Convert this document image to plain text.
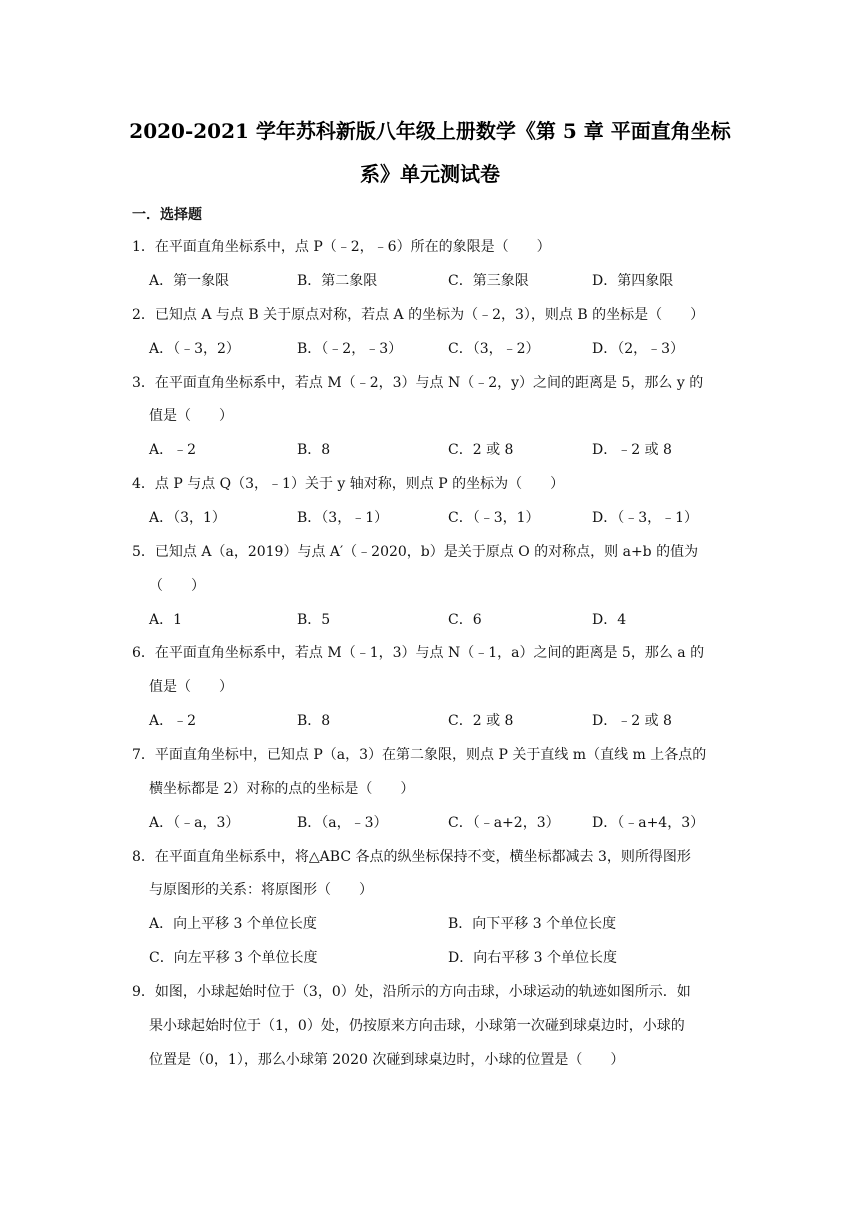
2020-2021 学年苏科新版八年级上册数学《第 5 章 平面直角坐标
系》单元测试卷
一．选择题
1．在平面直角坐标系中，点 P（﹣2，﹣6）所在的象限是（　　）
A．第一象限	B．第二象限	C．第三象限	D．第四象限
2．已知点 A 与点 B 关于原点对称，若点 A 的坐标为（﹣2，3），则点 B 的坐标是（　　）
A．（﹣3，2）	B．（﹣2，﹣3）	C．（3，﹣2）	D．（2，﹣3）
3．在平面直角坐标系中，若点 M（﹣2，3）与点 N（﹣2，y）之间的距离是 5，那么 y 的
值是（　　）
A．﹣2	B．8	C．2 或 8	D．﹣2 或 8
4．点 P 与点 Q（3，﹣1）关于 y 轴对称，则点 P 的坐标为（　　）
A．（3，1）	B．（3，﹣1）	C．（﹣3，1）	D．（﹣3，﹣1）
5．已知点 A（a，2019）与点 A′（﹣2020，b）是关于原点 O 的对称点，则 a+b 的值为
（　　）
A．1	B．5	C．6	D．4
6．在平面直角坐标系中，若点 M（﹣1，3）与点 N（﹣1，a）之间的距离是 5，那么 a 的
值是（　　）
A．﹣2	B．8	C．2 或 8	D．﹣2 或 8
7．平面直角坐标中，已知点 P（a，3）在第二象限，则点 P 关于直线 m（直线 m 上各点的
横坐标都是 2）对称的点的坐标是（　　）
A．（﹣a，3）	B．（a，﹣3）	C．（﹣a+2，3） D．（﹣a+4，3）
8．在平面直角坐标系中，将△ABC 各点的纵坐标保持不变，横坐标都减去 3，则所得图形
与原图形的关系：将原图形（　　）
A．向上平移 3 个单位长度	B．向下平移 3 个单位长度
C．向左平移 3 个单位长度	D．向右平移 3 个单位长度
9．如图，小球起始时位于（3，0）处，沿所示的方向击球，小球运动的轨迹如图所示．如
果小球起始时位于（1，0）处，仍按原来方向击球，小球第一次碰到球桌边时，小球的
位置是（0，1），那么小球第 2020 次碰到球桌边时，小球的位置是（　　）
